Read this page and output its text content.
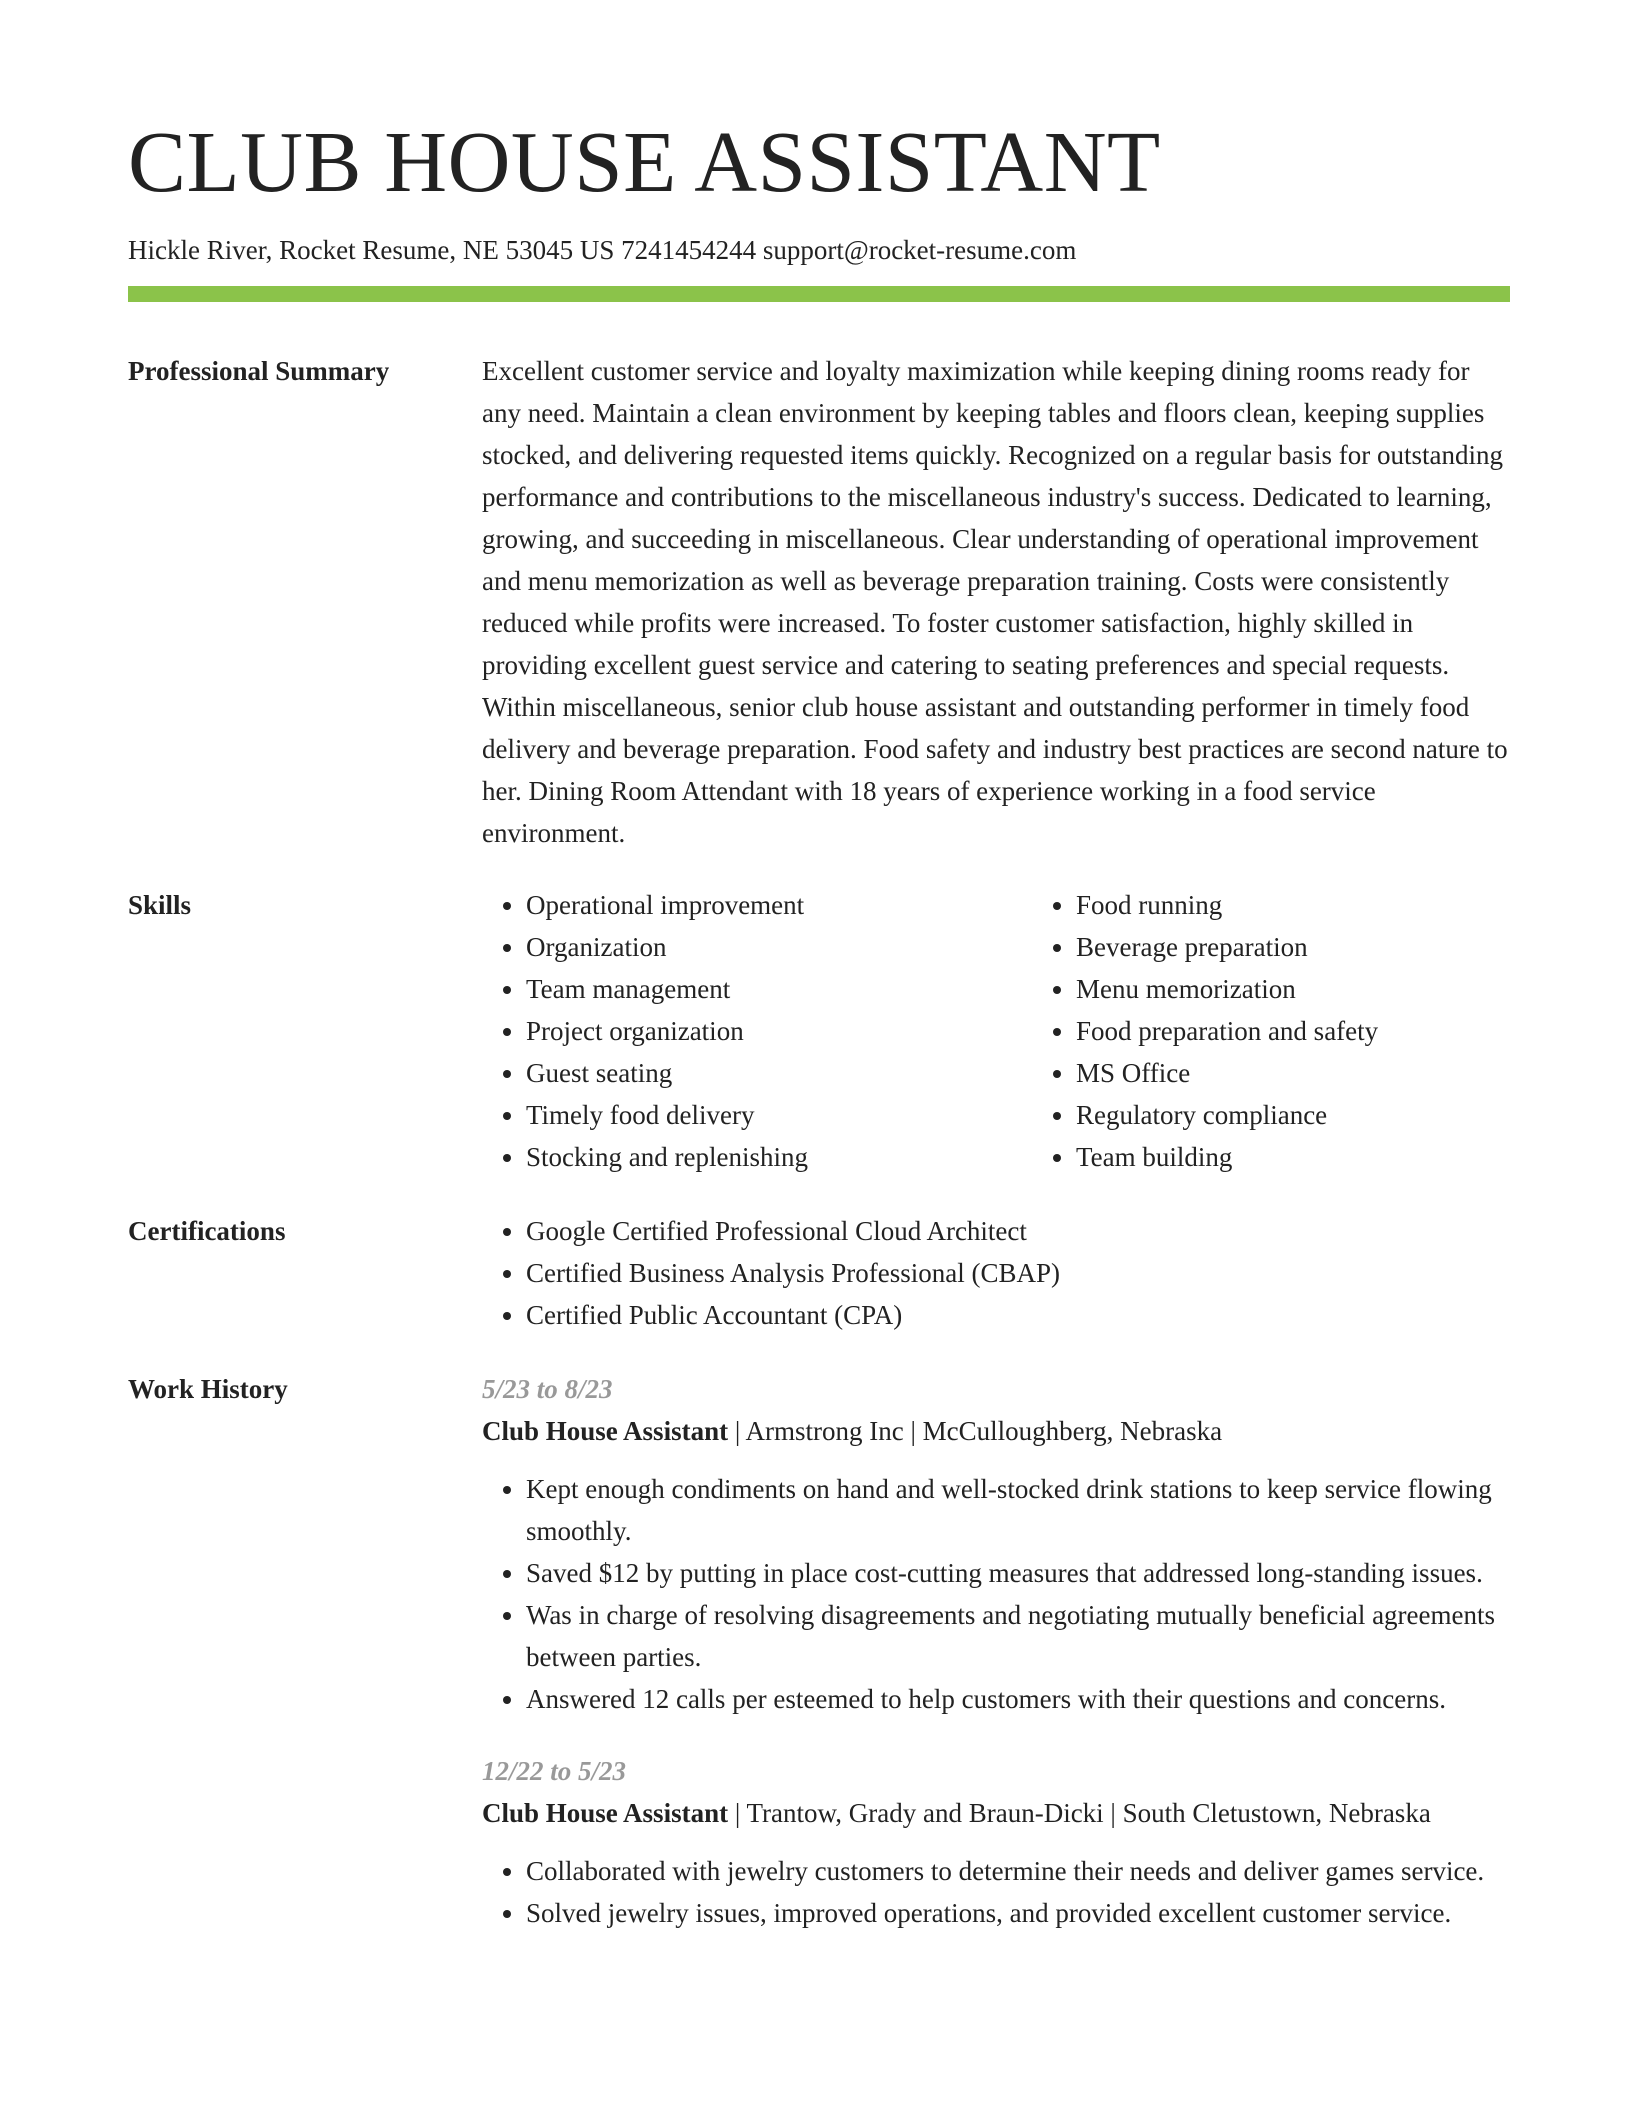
CLUB HOUSE ASSISTANT
Hickle River, Rocket Resume, NE 53045 US 7241454244 support@rocket-resume.com
Professional Summary	Excellent customer service and loyalty maximization while keeping dining rooms ready for any need. Maintain a clean environment by keeping tables and floors clean, keeping supplies stocked, and delivering requested items quickly. Recognized on a regular basis for outstanding performance and contributions to the miscellaneous industry's success. Dedicated to learning, growing, and succeeding in miscellaneous. Clear understanding of operational improvement and menu memorization as well as beverage preparation training. Costs were consistently reduced while profits were increased. To foster customer satisfaction, highly skilled in providing excellent guest service and catering to seating preferences and special requests. Within miscellaneous, senior club house assistant and outstanding performer in timely food delivery and beverage preparation. Food safety and industry best practices are second nature to her. Dining Room Attendant with 18 years of experience working in a food service environment.

Skills	• Operational improvement
• Organization
• Team management
• Project organization
• Guest seating
• Timely food delivery
• Stocking and replenishing
• Food running
• Beverage preparation
• Menu memorization
• Food preparation and safety
• MS Office
• Regulatory compliance
• Team building
Certifications	• Google Certified Professional Cloud Architect
• Certified Business Analysis Professional (CBAP)
• Certified Public Accountant (CPA)
Work History	5/23 to 8/23
Club House Assistant | Armstrong Inc | McCulloughberg, Nebraska
• Kept enough condiments on hand and well-stocked drink stations to keep service flowing smoothly.
• Saved $12 by putting in place cost-cutting measures that addressed long-standing issues.
• Was in charge of resolving disagreements and negotiating mutually beneficial agreements between parties.
• Answered 12 calls per esteemed to help customers with their questions and concerns.
12/22 to 5/23
Club House Assistant | Trantow, Grady and Braun-Dicki | South Cletustown, Nebraska
• Collaborated with jewelry customers to determine their needs and deliver games service.
• Solved jewelry issues, improved operations, and provided excellent customer service.
